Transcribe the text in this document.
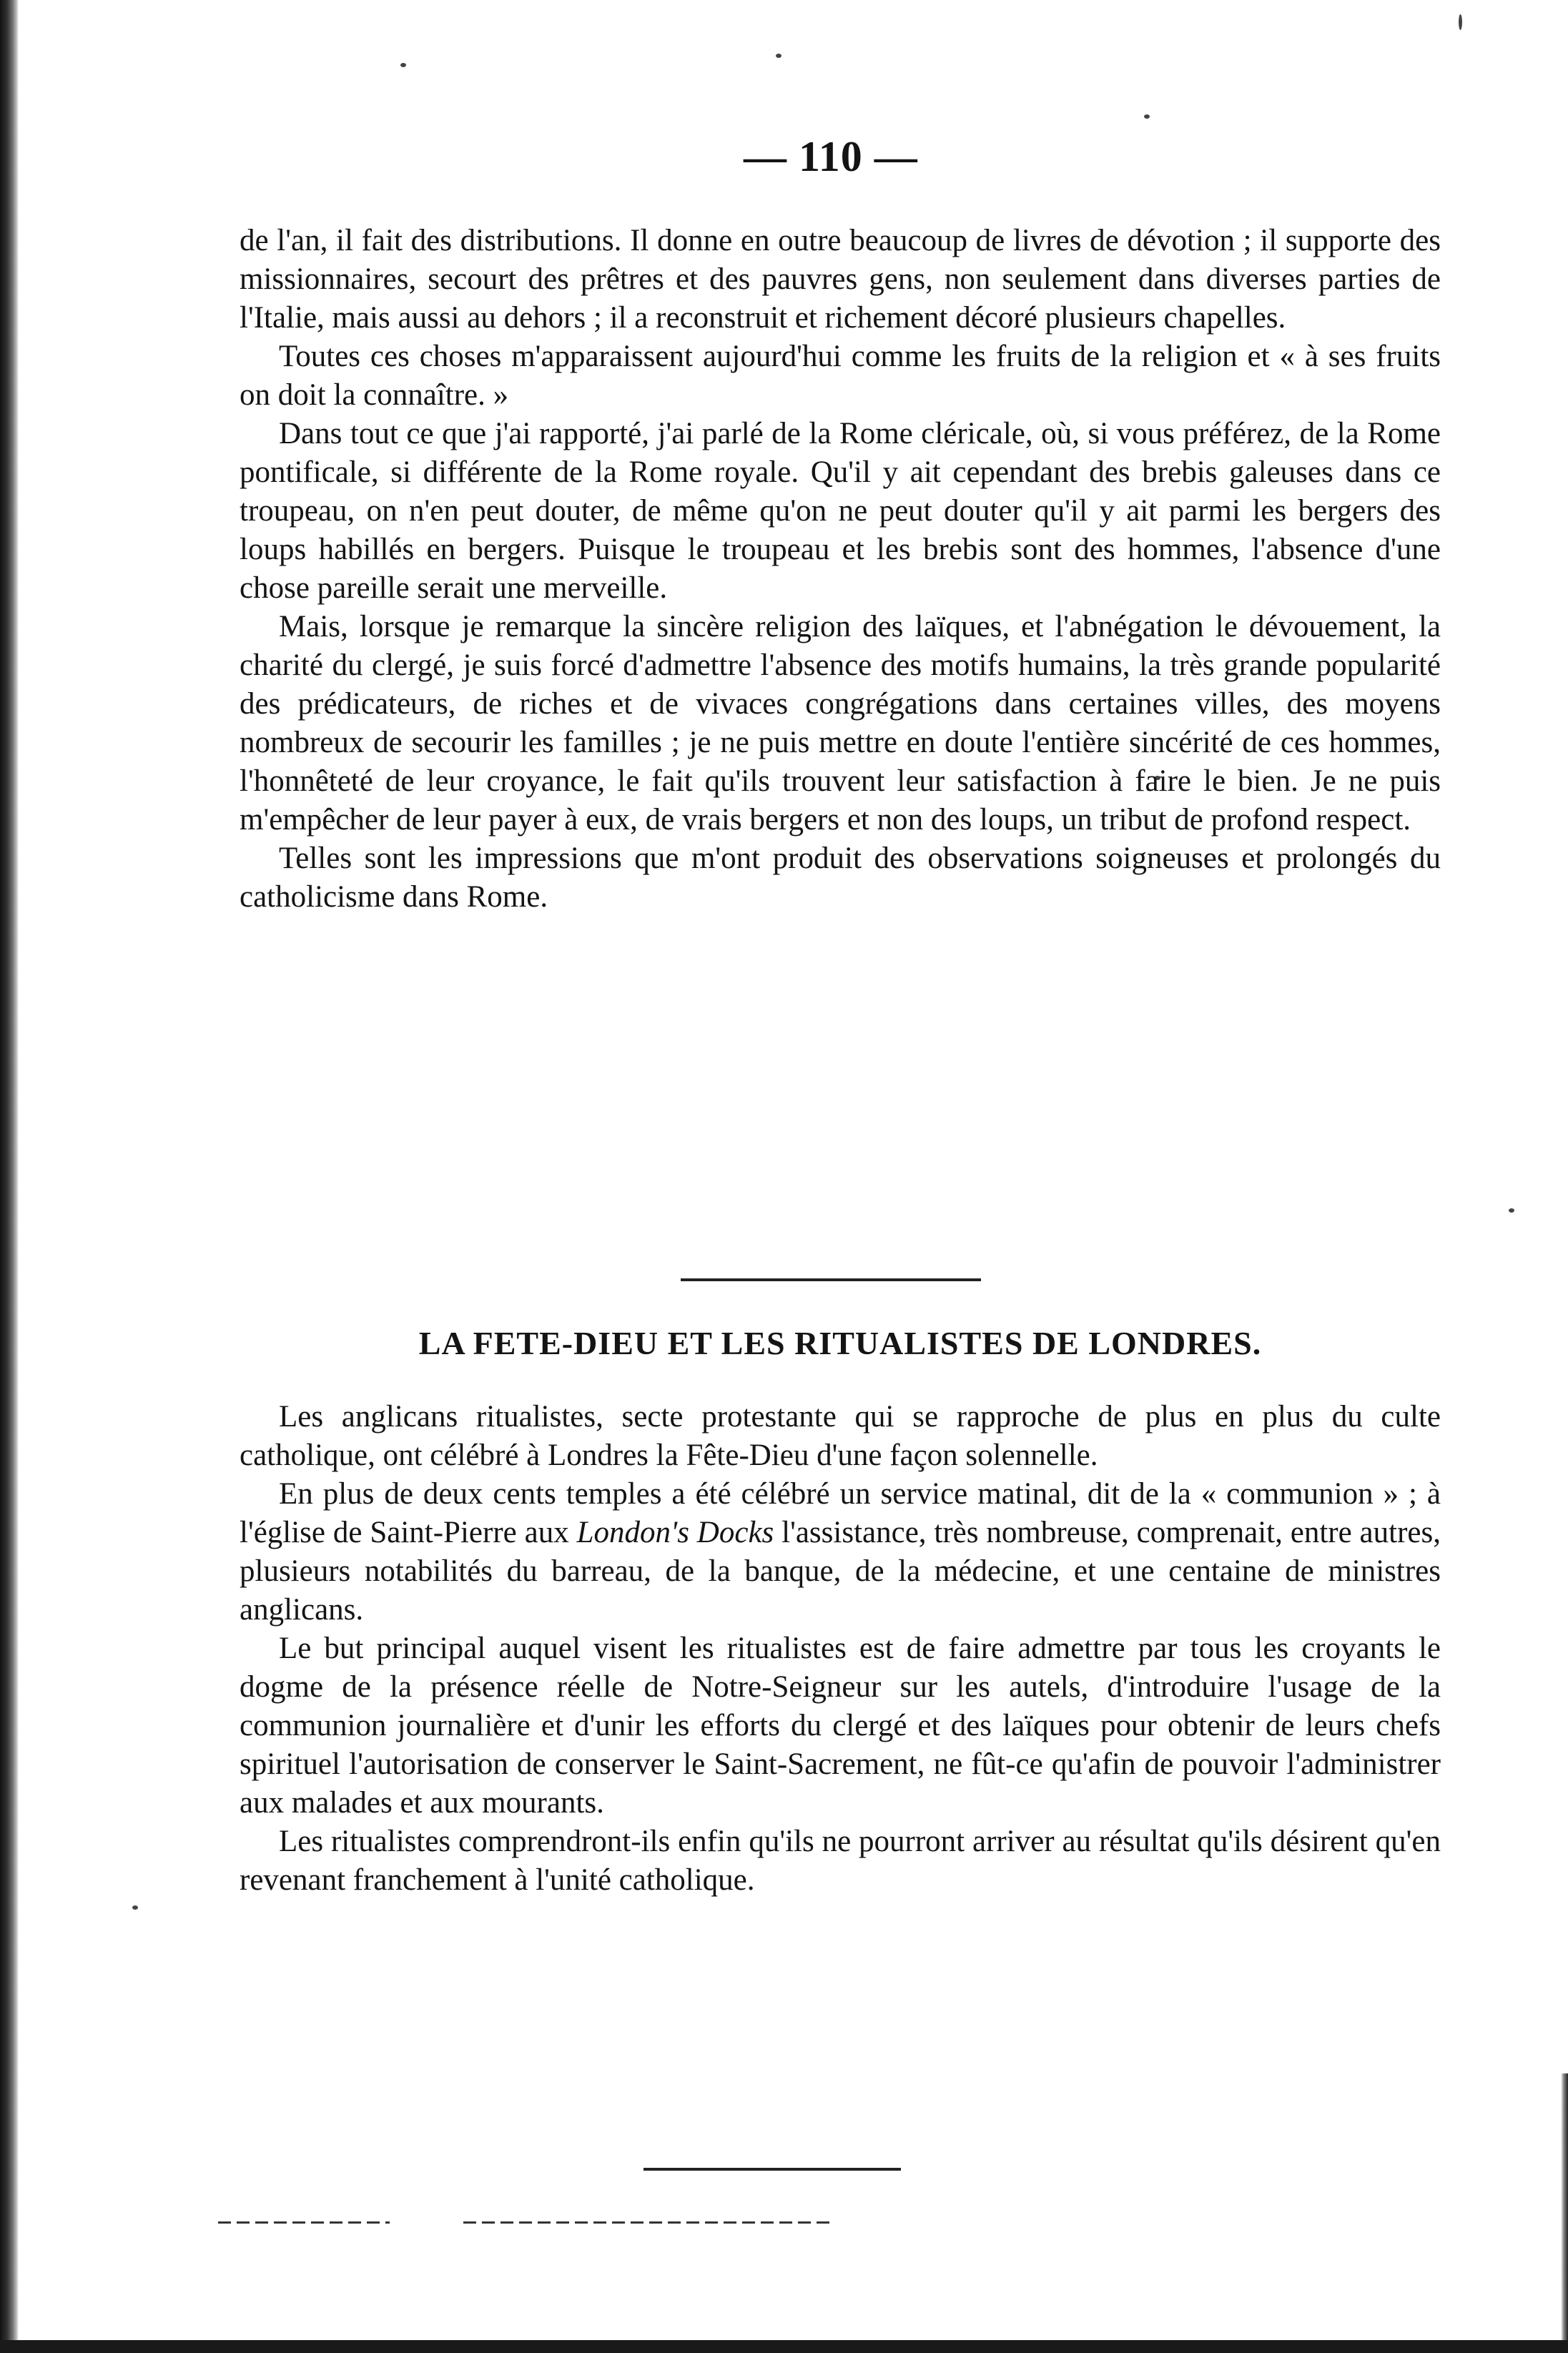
— 110 —

de l'an, il fait des distributions. Il donne en outre beaucoup de livres de dévotion ; il supporte des missionnaires, secourt des prêtres et des pauvres gens, non seulement dans diverses parties de l'Italie, mais aussi au dehors ; il a reconstruit et richement décoré plusieurs chapelles.

Toutes ces choses m'apparaissent aujourd'hui comme les fruits de la religion et « à ses fruits on doit la connaître. »

Dans tout ce que j'ai rapporté, j'ai parlé de la Rome cléricale, où, si vous préférez, de la Rome pontificale, si différente de la Rome royale. Qu'il y ait cependant des brebis galeuses dans ce troupeau, on n'en peut douter, de même qu'on ne peut douter qu'il y ait parmi les bergers des loups habillés en bergers. Puisque le troupeau et les brebis sont des hommes, l'absence d'une chose pareille serait une merveille.

Mais, lorsque je remarque la sincère religion des laïques, et l'abnégation le dévouement, la charité du clergé, je suis forcé d'admettre l'absence des motifs humains, la très grande popularité des prédicateurs, de riches et de vivaces congrégations dans certaines villes, des moyens nombreux de secourir les familles ; je ne puis mettre en doute l'entière sincérité de ces hommes, l'honnêteté de leur croyance, le fait qu'ils trouvent leur satisfaction à faire le bien. Je ne puis m'empêcher de leur payer à eux, de vrais bergers et non des loups, un tribut de profond respect.

Telles sont les impressions que m'ont produit des observations soigneuses et prolongés du catholicisme dans Rome.

LA FETE-DIEU ET LES RITUALISTES DE LONDRES.

Les anglicans ritualistes, secte protestante qui se rapproche de plus en plus du culte catholique, ont célébré à Londres la Fête-Dieu d'une façon solennelle.

En plus de deux cents temples a été célébré un service matinal, dit de la « communion » ; à l'église de Saint-Pierre aux London's Docks l'assistance, très nombreuse, comprenait, entre autres, plusieurs notabilités du barreau, de la banque, de la médecine, et une centaine de ministres anglicans.

Le but principal auquel visent les ritualistes est de faire admettre par tous les croyants le dogme de la présence réelle de Notre-Seigneur sur les autels, d'introduire l'usage de la communion journalière et d'unir les efforts du clergé et des laïques pour obtenir de leurs chefs spirituel l'autorisation de conserver le Saint-Sacrement, ne fût-ce qu'afin de pouvoir l'administrer aux malades et aux mourants.

Les ritualistes comprendront-ils enfin qu'ils ne pourront arriver au résultat qu'ils désirent qu'en revenant franchement à l'unité catholique.
